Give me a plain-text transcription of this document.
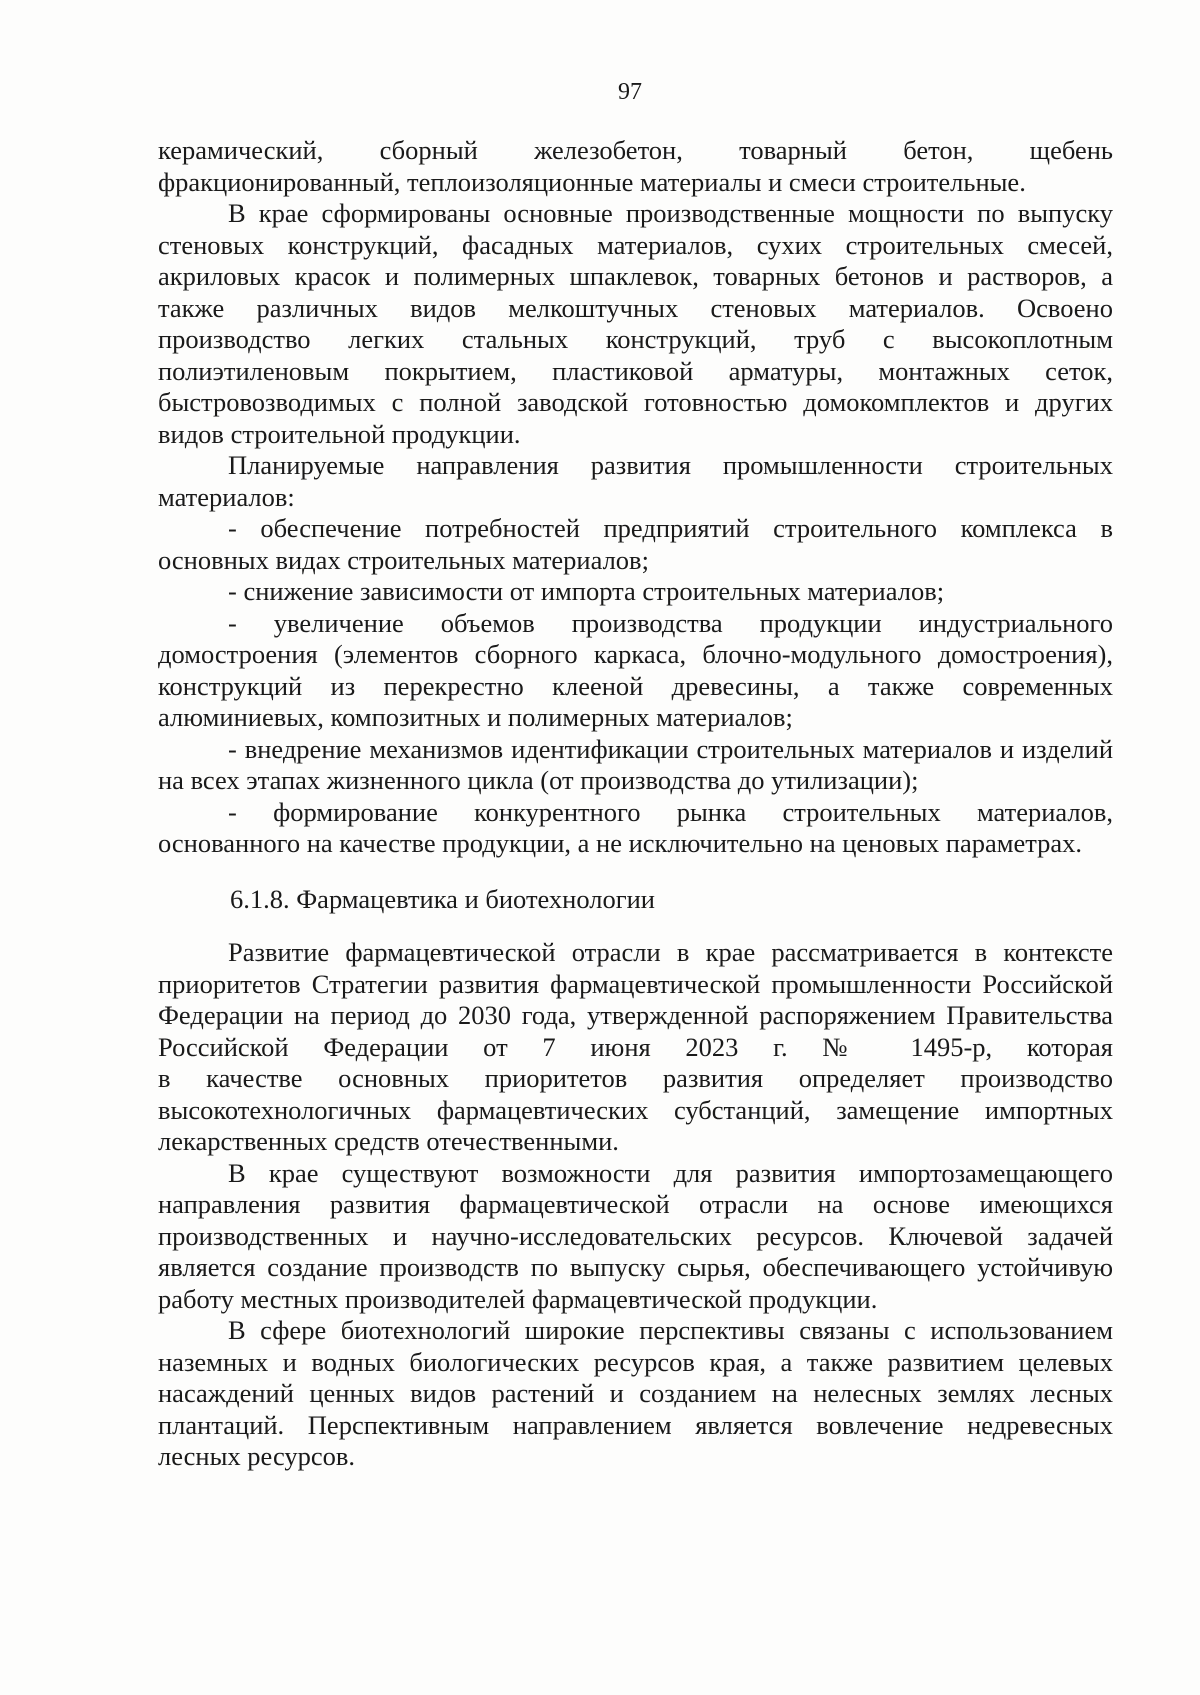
97

керамический, сборный железобетон, товарный бетон, щебень фракционированный, теплоизоляционные материалы и смеси строительные.

В крае сформированы основные производственные мощности по выпуску стеновых конструкций, фасадных материалов, сухих строительных смесей, акриловых красок и полимерных шпаклевок, товарных бетонов и растворов, а также различных видов мелкоштучных стеновых материалов. Освоено производство легких стальных конструкций, труб с высокоплотным полиэтиленовым покрытием, пластиковой арматуры, монтажных сеток, быстровозводимых с полной заводской готовностью домокомплектов и других видов строительной продукции.

Планируемые направления развития промышленности строительных материалов:

- обеспечение потребностей предприятий строительного комплекса в основных видах строительных материалов;

- снижение зависимости от импорта строительных материалов;

- увеличение объемов производства продукции индустриального домостроения (элементов сборного каркаса, блочно-модульного домостроения), конструкций из перекрестно клееной древесины, а также современных алюминиевых, композитных и полимерных материалов;

- внедрение механизмов идентификации строительных материалов и изделий на всех этапах жизненного цикла (от производства до утилизации);

- формирование конкурентного рынка строительных материалов, основанного на качестве продукции, а не исключительно на ценовых параметрах.

6.1.8. Фармацевтика и биотехнологии

Развитие фармацевтической отрасли в крае рассматривается в контексте приоритетов Стратегии развития фармацевтической промышленности Российской Федерации на период до 2030 года, утвержденной распоряжением Правительства Российской Федерации от 7 июня 2023 г. № 1495-р, которая

в качестве основных приоритетов развития определяет производство высокотехнологичных фармацевтических субстанций, замещение импортных лекарственных средств отечественными.

В крае существуют возможности для развития импортозамещающего направления развития фармацевтической отрасли на основе имеющихся производственных и научно-исследовательских ресурсов. Ключевой задачей является создание производств по выпуску сырья, обеспечивающего устойчивую работу местных производителей фармацевтической продукции.

В сфере биотехнологий широкие перспективы связаны с использованием наземных и водных биологических ресурсов края, а также развитием целевых насаждений ценных видов растений и созданием на нелесных землях лесных плантаций. Перспективным направлением является вовлечение недревесных лесных ресурсов.
